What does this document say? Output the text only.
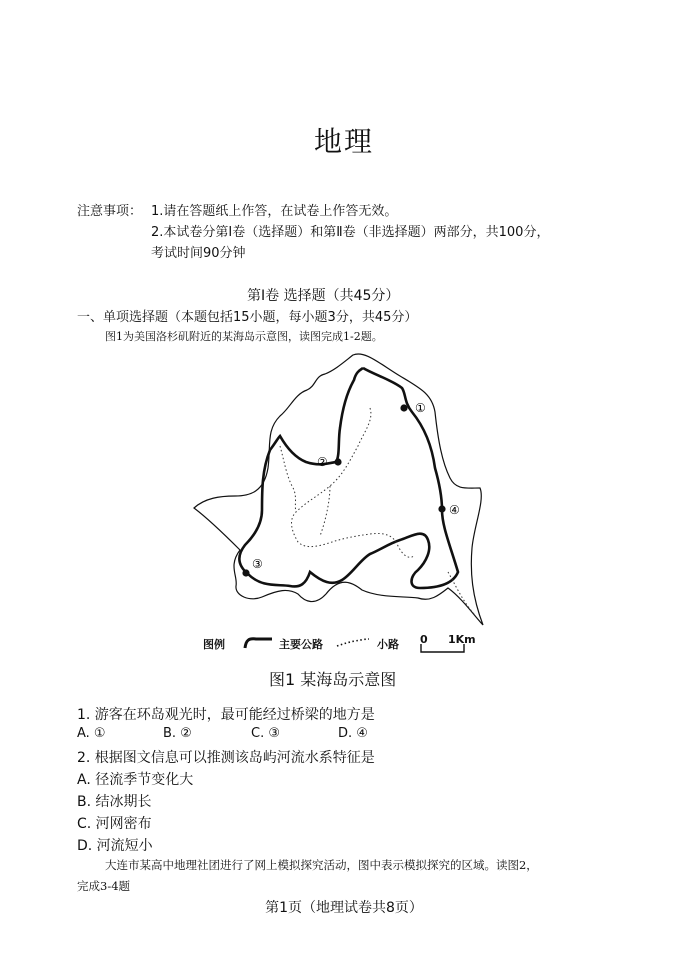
地理
注意事项： 1.请在答题纸上作答，在试卷上作答无效。
2.本试卷分第Ⅰ卷（选择题）和第Ⅱ卷（非选择题）两部分，共100分，
考试时间90分钟
第Ⅰ卷 选择题（共45分）
一、单项选择题（本题包括15小题，每小题3分，共45分）
图1为美国洛杉矶附近的某海岛示意图，读图完成1-2题。
①
②
③
④
图例	主要公路	小路 0 1Km
图1 某海岛示意图
1. 游客在环岛观光时，最可能经过桥梁的地方是
A. ①	B. ②	C. ③	D. ④
2. 根据图文信息可以推测该岛屿河流水系特征是
A. 径流季节变化大
B. 结冰期长
C. 河网密布
D. 河流短小
大连市某高中地理社团进行了网上模拟探究活动，图中表示模拟探究的区域。读图2，
完成3-4题
第1页（地理试卷共8页）
